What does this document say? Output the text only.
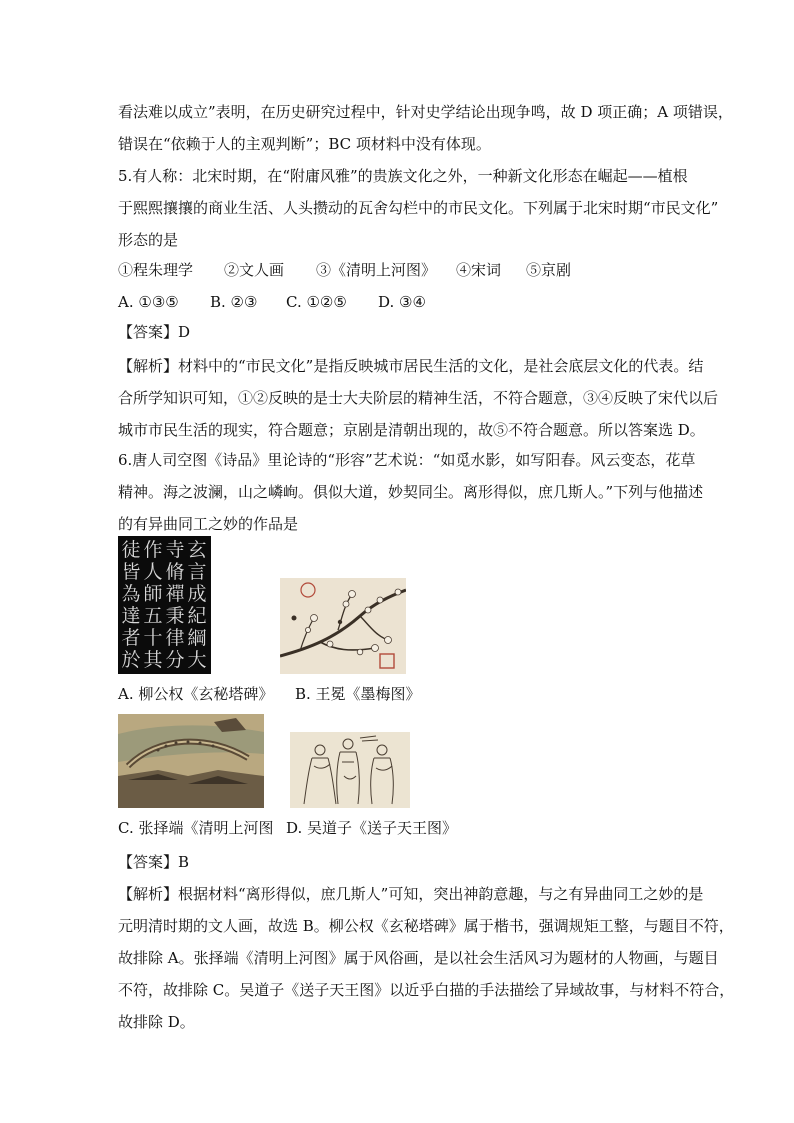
看法难以成立”表明，在历史研究过程中，针对史学结论出现争鸣，故 D 项正确；A 项错误，
错误在“依赖于人的主观判断”；BC 项材料中没有体现。
5.有人称：北宋时期，在“附庸风雅”的贵族文化之外，一种新文化形态在崛起——植根
于熙熙攘攘的商业生活、人头攒动的瓦舍勾栏中的市民文化。下列属于北宋时期“市民文化”
形态的是
①程朱理学 ②文人画 ③《清明上河图》 ④宋词 ⑤京剧
A. ①③⑤ B. ②③ C. ①②⑤ D. ③④
【答案】D
【解析】材料中的“市民文化”是指反映城市居民生活的文化，是社会底层文化的代表。结
合所学知识可知，①②反映的是士大夫阶层的精神生活，不符合题意，③④反映了宋代以后
城市市民生活的现实，符合题意；京剧是清朝出现的，故⑤不符合题意。所以答案选 D。
6.唐人司空图《诗品》里论诗的“形容”艺术说：“如觅水影，如写阳春。风云变态，花草
精神。海之波澜，山之嶙峋。俱似大道，妙契同尘。离形得似，庶几斯人。”下列与他描述
的有异曲同工之妙的作品是
大
綱
紀
成
言
玄
分
律
秉
禪
脩
寺
其
十
五
師
人
作
於
者
達
為
皆
徒
A. 柳公权《玄秘塔碑》 B. 王冕《墨梅图》
C. 张择端《清明上河图 D. 吴道子《送子天王图》
【答案】B
【解析】根据材料“离形得似，庶几斯人”可知，突出神韵意趣，与之有异曲同工之妙的是
元明清时期的文人画，故选 B。柳公权《玄秘塔碑》属于楷书，强调规矩工整，与题目不符，
故排除 A。张择端《清明上河图》属于风俗画，是以社会生活风习为题材的人物画，与题目
不符，故排除 C。吴道子《送子天王图》以近乎白描的手法描绘了异域故事，与材料不符合，
故排除 D。
